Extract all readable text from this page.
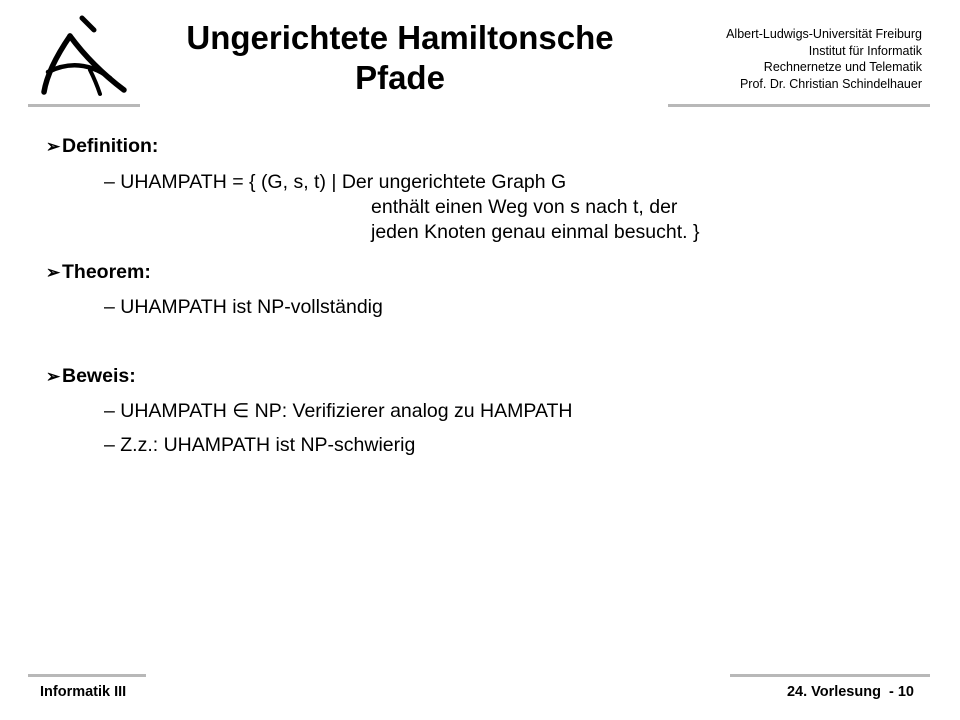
Ungerichtete Hamiltonsche
Pfade
Albert-Ludwigs-Universität Freiburg
Institut für Informatik
Rechnernetze und Telematik
Prof. Dr. Christian Schindelhauer
➢Definition:
– UHAMPATH = { (G, s, t) | Der ungerichtete Graph G
enthält einen Weg von s nach t, der
jeden Knoten genau einmal besucht. }
➢Theorem:
– UHAMPATH ist NP-vollständig
➢Beweis:
– UHAMPATH ∈ NP: Verifizierer analog zu HAMPATH
– Z.z.: UHAMPATH ist NP-schwierig
Informatik III	24. Vorlesung  - 10
